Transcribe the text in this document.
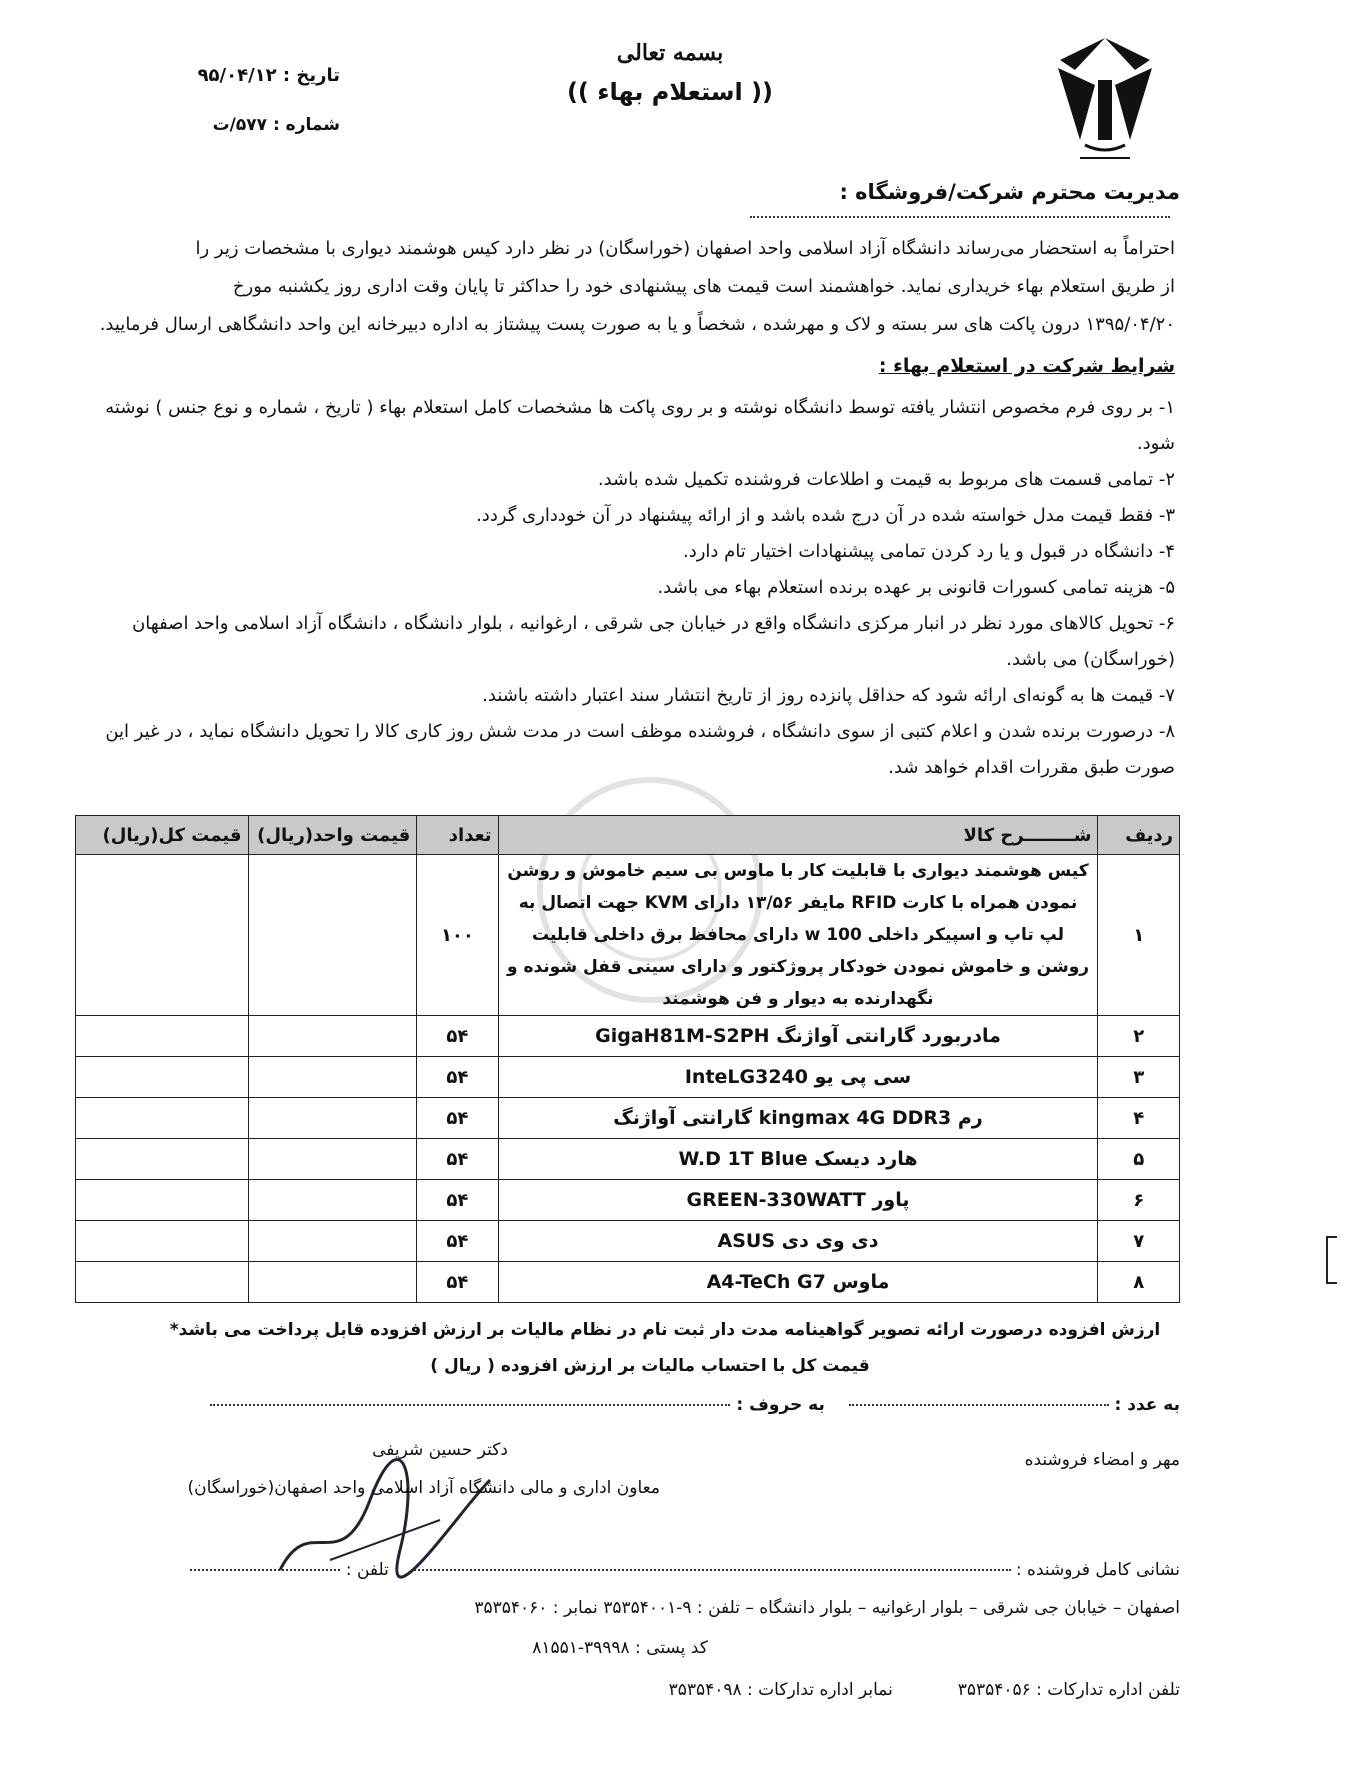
بسمه تعالی
(( استعلام بهاء ))
تاریخ : ۹۵/۰۴/۱۲
شماره : ۵۷۷/ت
مدیریت محترم شرکت/فروشگاه :
احتراماً به استحضار می‌رساند دانشگاه آزاد اسلامی واحد اصفهان (خوراسگان) در نظر دارد کیس هوشمند دیواری با مشخصات زیر را
از طریق استعلام بهاء خریداری نماید. خواهشمند است قیمت های پیشنهادی خود را حداکثر تا پایان وقت اداری روز یکشنبه مورخ
۱۳۹۵/۰۴/۲۰ درون پاکت های سر بسته و لاک و مهرشده ، شخصاً و یا به صورت پست پیشتاز به اداره دبیرخانه این واحد دانشگاهی ارسال فرمایید.
شرایط شرکت در استعلام بهاء :

۱- بر روی فرم مخصوص انتشار یافته توسط دانشگاه نوشته و بر روی پاکت ها مشخصات کامل استعلام بهاء ( تاریخ ، شماره و نوع جنس ) نوشته شود.

۲- تمامی قسمت های مربوط به قیمت و اطلاعات فروشنده تکمیل شده باشد.

۳- فقط قیمت مدل خواسته شده در آن درج شده باشد و از ارائه پیشنهاد در آن خودداری گردد.

۴- دانشگاه در قبول و یا رد کردن تمامی پیشنهادات اختیار تام دارد.

۵- هزینه تمامی کسورات قانونی بر عهده برنده استعلام بهاء می باشد.

۶- تحویل کالاهای مورد نظر در انبار مرکزی دانشگاه واقع در خیابان جی شرقی ، ارغوانیه ، بلوار دانشگاه ، دانشگاه آزاد اسلامی واحد اصفهان (خوراسگان) می باشد.

۷- قیمت ها به گونه‌ای ارائه شود که حداقل پانزده روز از تاریخ انتشار سند اعتبار داشته باشند.

۸- درصورت برنده شدن و اعلام کتبی از سوی دانشگاه ، فروشنده موظف است در مدت شش روز کاری کالا را تحویل دانشگاه نماید ، در غیر این صورت طبق مقررات اقدام خواهد شد.

ردیف	شــــــــرح کالا	تعداد	قیمت واحد(ریال)	قیمت کل(ریال)
۱	کیس هوشمند دیواری با قابلیت کار با ماوس بی سیم خاموش و روشن نمودن همراه با کارت RFID مایفر ۱۳/۵۶ دارای KVM جهت اتصال به لپ تاپ و اسپیکر داخلی 100 w دارای محافظ برق داخلی قابلیت روشن و خاموش نمودن خودکار پروژکتور و دارای سینی قفل شونده و نگهدارنده به دیوار و فن هوشمند	۱۰۰		
۲	مادربورد گارانتی آواژنگ GigaH81M-S2PH	۵۴		
۳	سی پی یو InteLG3240	۵۴		
۴	رم kingmax 4G DDR3 گارانتی آواژنگ	۵۴		
۵	هارد دیسک W.D 1T Blue	۵۴		
۶	پاور GREEN-330WATT	۵۴		
۷	دی وی دی ASUS	۵۴		
۸	ماوس A4-TeCh G7	۵۴		
ارزش افزوده درصورت ارائه تصویر گواهینامه مدت دار ثبت نام در نظام مالیات بر ارزش افزوده قابل پرداخت می باشد*
قیمت کل با احتساب مالیات بر ارزش افزوده ( ریال )
به عدد :     به حروف :
مهر و امضاء فروشنده
دکتر حسین شریفی
معاون اداری و مالی دانشگاه آزاد اسلامی واحد اصفهان(خوراسگان)
نشانی کامل فروشنده :     تلفن :
اصفهان – خیابان جی شرقی – بلوار ارغوانیه – بلوار دانشگاه – تلفن : ۹-۳۵۳۵۴۰۰۱ نمابر : ۳۵۳۵۴۰۶۰
کد پستی : ۳۹۹۹۸-۸۱۵۵۱
تلفن اداره تدارکات : ۳۵۳۵۴۰۵۶            نمابر اداره تدارکات : ۳۵۳۵۴۰۹۸
